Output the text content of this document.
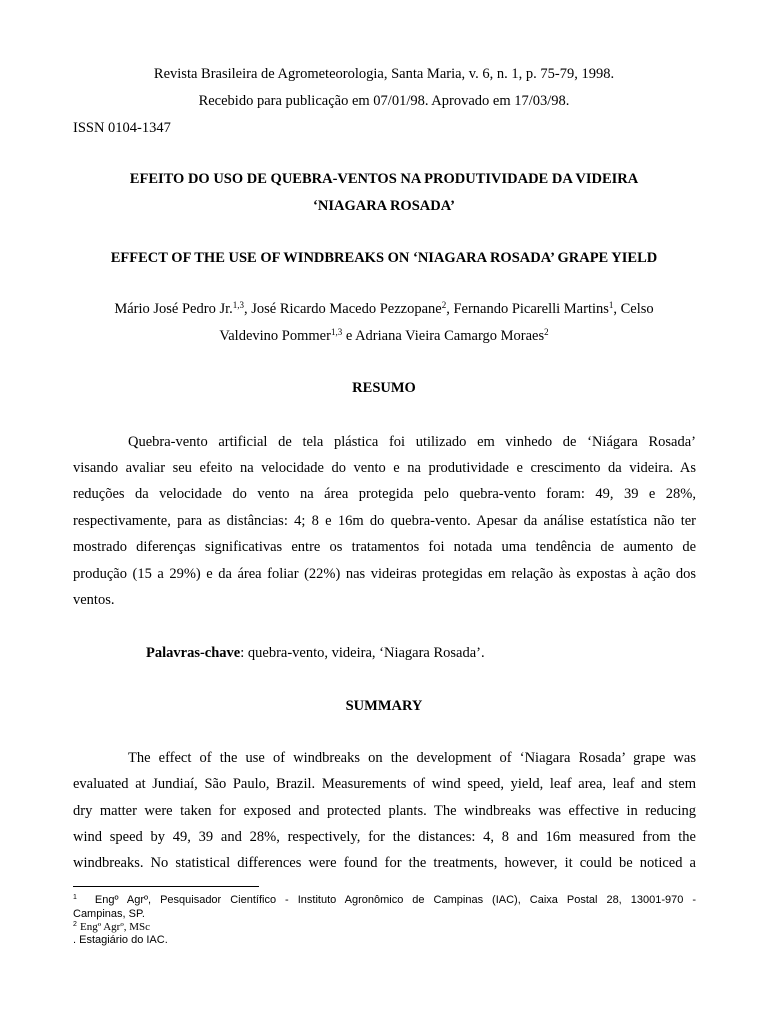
Revista Brasileira de Agrometeorologia, Santa Maria, v. 6, n. 1, p. 75-79, 1998.
Recebido para publicação em 07/01/98. Aprovado em 17/03/98.
ISSN 0104-1347
EFEITO DO USO DE QUEBRA-VENTOS NA PRODUTIVIDADE DA VIDEIRA
‘NIAGARA ROSADA’
EFFECT OF THE USE OF WINDBREAKS ON ‘NIAGARA ROSADA’ GRAPE YIELD
Mário José Pedro Jr.$^{1,3}$, José Ricardo Macedo Pezzopane$^2$, Fernando Picarelli Martins$^1$, Celso
Valdevino Pommer$^{1,3}$ e Adriana Vieira Camargo Moraes$^2$
RESUMO
Quebra-vento artificial de tela plástica foi utilizado em vinhedo de ‘Niágara Rosada’
visando avaliar seu efeito na velocidade do vento e na produtividade e crescimento da videira. As
reduções da velocidade do vento na área protegida pelo quebra-vento foram: 49, 39 e 28%,
respectivamente, para as distâncias: 4; 8 e 16m do quebra-vento. Apesar da análise estatística não ter
mostrado diferenças significativas entre os tratamentos foi notada uma tendência de aumento de
produção (15 a 29%) e da área foliar (22%) nas videiras protegidas em relação às expostas à ação dos
ventos.
Palavras-chave: quebra-vento, videira, ‘Niagara Rosada’.
SUMMARY
The effect of the use of windbreaks on the development of ‘Niagara Rosada’ grape was
evaluated at Jundiaí, São Paulo, Brazil. Measurements of wind speed, yield, leaf area, leaf and stem
dry matter were taken for exposed and protected plants. The windbreaks was effective in reducing
wind speed by 49, 39 and 28%, respectively, for the distances: 4, 8 and 16m measured from the
windbreaks. No statistical differences were found for the treatments, however, it could be noticed a
$^1$ Engº Agrº, Pesquisador Científico - Instituto Agronômico de Campinas (IAC), Caixa Postal 28, 13001-970 -
Campinas, SP.
$^2$ Engº Agrº, MSc
. Estagiário do IAC.
